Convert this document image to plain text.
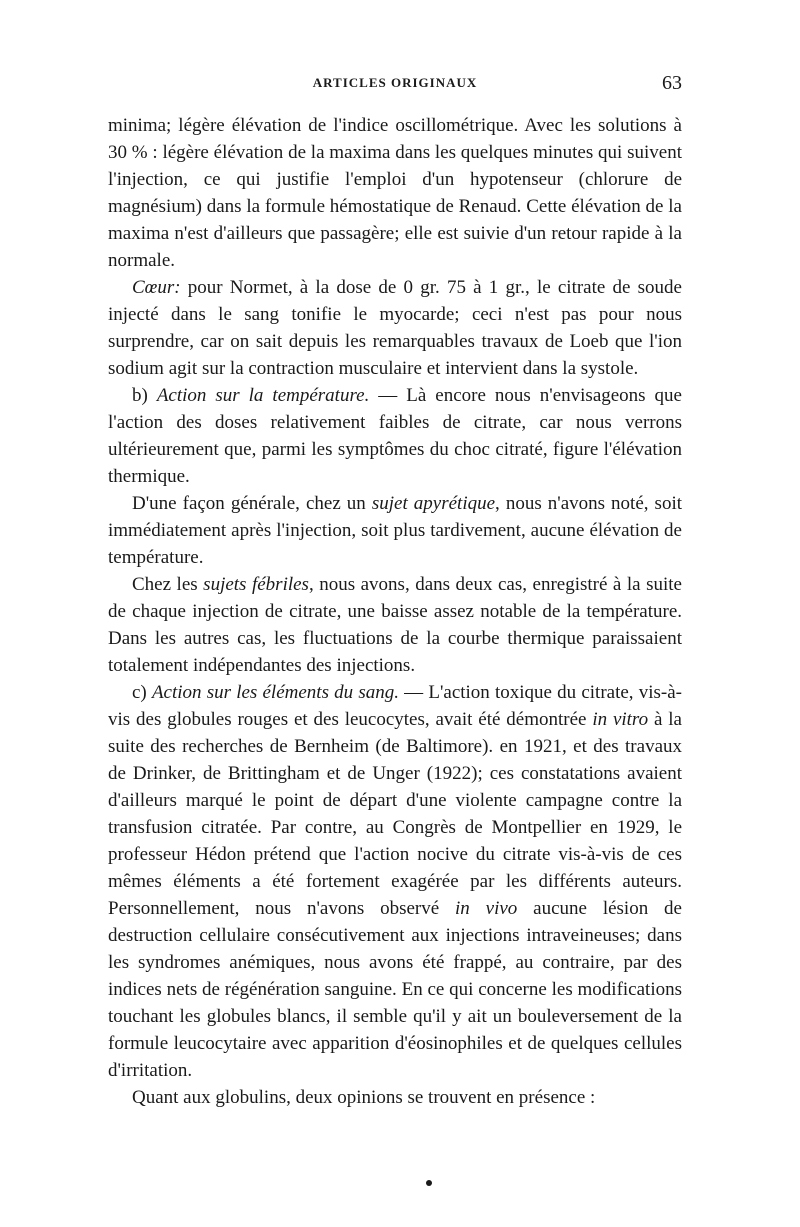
ARTICLES ORIGINAUX	63

minima; légère élévation de l'indice oscillométrique. Avec les solutions à 30 % : légère élévation de la maxima dans les quelques minutes qui suivent l'injection, ce qui justifie l'emploi d'un hypotenseur (chlorure de magnésium) dans la formule hémostatique de Renaud. Cette élévation de la maxima n'est d'ailleurs que passagère; elle est suivie d'un retour rapide à la normale.

Cœur: pour Normet, à la dose de 0 gr. 75 à 1 gr., le citrate de soude injecté dans le sang tonifie le myocarde; ceci n'est pas pour nous surprendre, car on sait depuis les remarquables travaux de Loeb que l'ion sodium agit sur la contraction musculaire et intervient dans la systole.

b) Action sur la température. — Là encore nous n'envisageons que l'action des doses relativement faibles de citrate, car nous verrons ultérieurement que, parmi les symptômes du choc citraté, figure l'élévation thermique.

D'une façon générale, chez un sujet apyrétique, nous n'avons noté, soit immédiatement après l'injection, soit plus tardivement, aucune élévation de température.

Chez les sujets fébriles, nous avons, dans deux cas, enregistré à la suite de chaque injection de citrate, une baisse assez notable de la température. Dans les autres cas, les fluctuations de la courbe thermique paraissaient totalement indépendantes des injections.

c) Action sur les éléments du sang. — L'action toxique du citrate, vis-à-vis des globules rouges et des leucocytes, avait été démontrée in vitro à la suite des recherches de Bernheim (de Baltimore). en 1921, et des travaux de Drinker, de Brittingham et de Unger (1922); ces constatations avaient d'ailleurs marqué le point de départ d'une violente campagne contre la transfusion citratée. Par contre, au Congrès de Montpellier en 1929, le professeur Hédon prétend que l'action nocive du citrate vis-à-vis de ces mêmes éléments a été fortement exagérée par les différents auteurs. Personnellement, nous n'avons observé in vivo aucune lésion de destruction cellulaire consécutivement aux injections intraveineuses; dans les syndromes anémiques, nous avons été frappé, au contraire, par des indices nets de régénération sanguine. En ce qui concerne les modifications touchant les globules blancs, il semble qu'il y ait un bouleversement de la formule leucocytaire avec apparition d'éosinophiles et de quelques cellules d'irritation.

Quant aux globulins, deux opinions se trouvent en présence :
